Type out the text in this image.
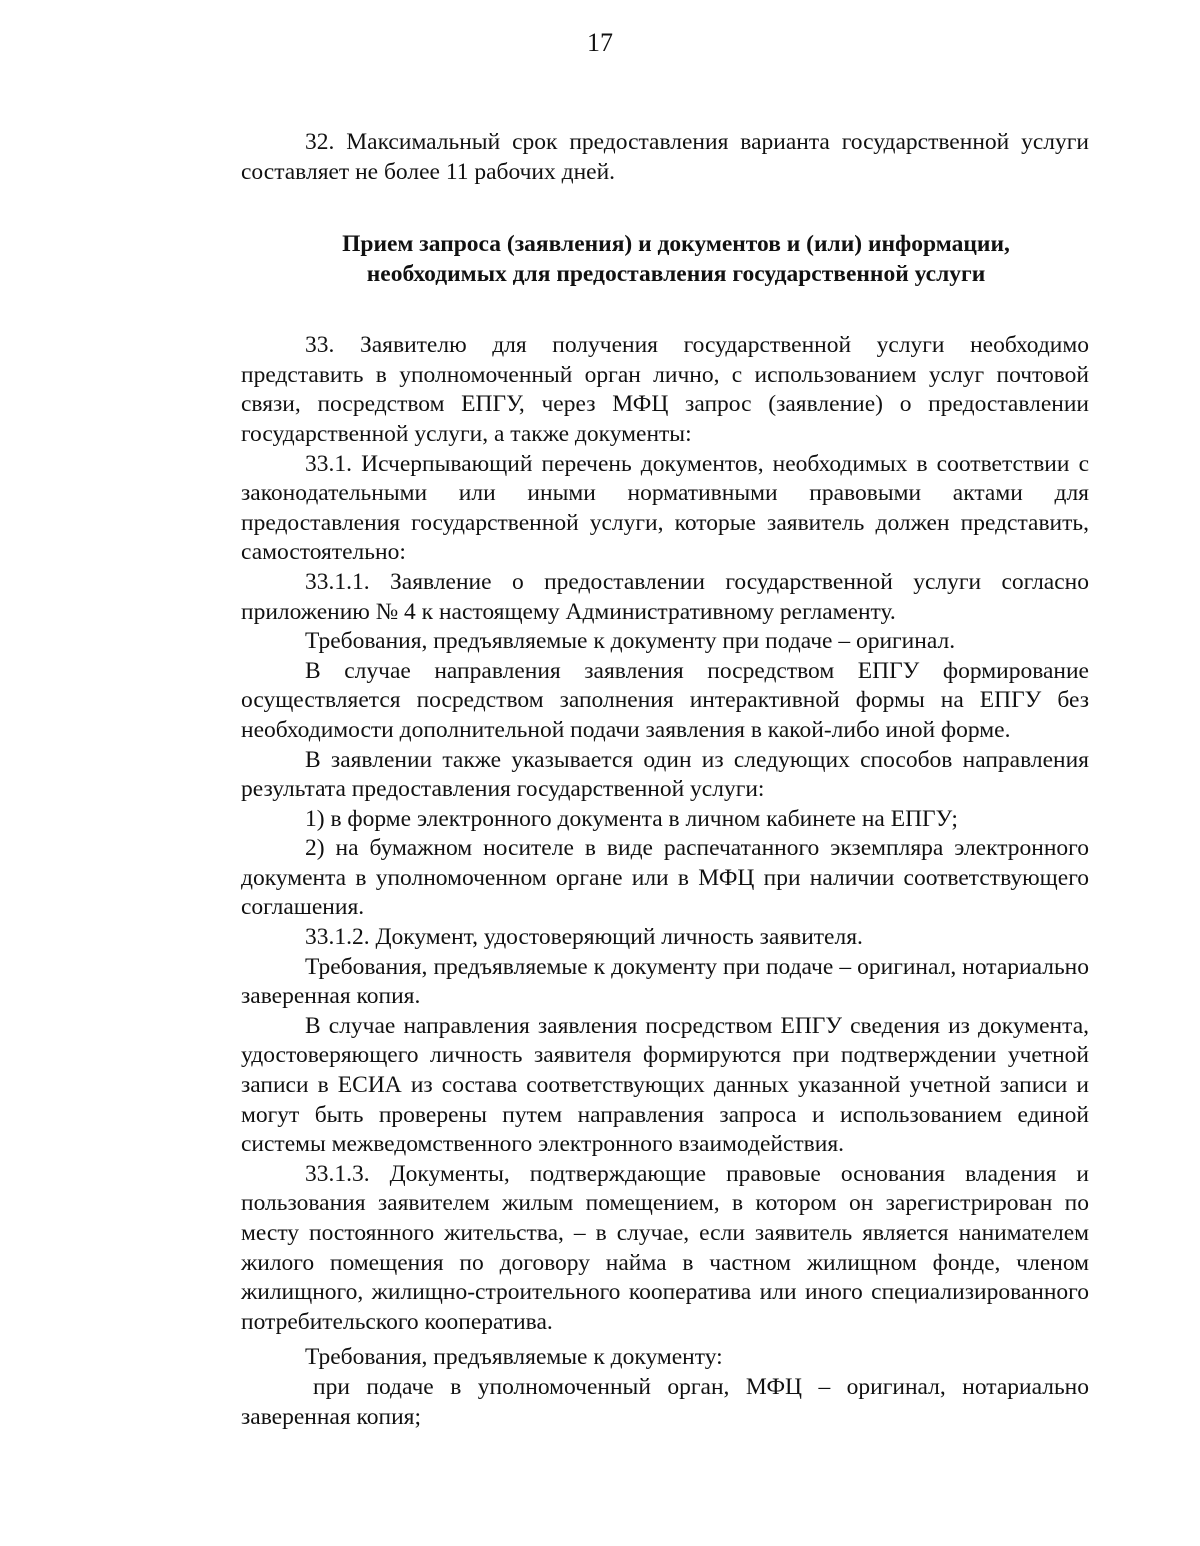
17

32. Максимальный срок предоставления варианта государственной услуги составляет не более 11 рабочих дней.

Прием запроса (заявления) и документов и (или) информации,
необходимых для предоставления государственной услуги

33. Заявителю для получения государственной услуги необходимо представить в уполномоченный орган лично, с использованием услуг почтовой связи, посредством ЕПГУ, через МФЦ запрос (заявление) о предоставлении государственной услуги, а также документы:

33.1. Исчерпывающий перечень документов, необходимых в соответствии с законодательными или иными нормативными правовыми актами для предоставления государственной услуги, которые заявитель должен представить, самостоятельно:

33.1.1. Заявление о предоставлении государственной услуги согласно приложению № 4 к настоящему Административному регламенту.

Требования, предъявляемые к документу при подаче – оригинал.

В случае направления заявления посредством ЕПГУ формирование осуществляется посредством заполнения интерактивной формы на ЕПГУ без необходимости дополнительной подачи заявления в какой-либо иной форме.

В заявлении также указывается один из следующих способов направления результата предоставления государственной услуги:

1) в форме электронного документа в личном кабинете на ЕПГУ;

2) на бумажном носителе в виде распечатанного экземпляра электронного документа в уполномоченном органе или в МФЦ при наличии соответствующего соглашения.

33.1.2. Документ, удостоверяющий личность заявителя.

Требования, предъявляемые к документу при подаче – оригинал, нотариально заверенная копия.

В случае направления заявления посредством ЕПГУ сведения из документа, удостоверяющего личность заявителя формируются при подтверждении учетной записи в ЕСИА из состава соответствующих данных указанной учетной записи и могут быть проверены путем направления запроса и использованием единой системы межведомственного электронного взаимодействия.

33.1.3. Документы, подтверждающие правовые основания владения и пользования заявителем жилым помещением, в котором он зарегистрирован по месту постоянного жительства, – в случае, если заявитель является нанимателем жилого помещения по договору найма в частном жилищном фонде, членом жилищного, жилищно-строительного кооператива или иного специализированного потребительского кооператива.

Требования, предъявляемые к документу:

при подаче в уполномоченный орган, МФЦ – оригинал, нотариально заверенная копия;
